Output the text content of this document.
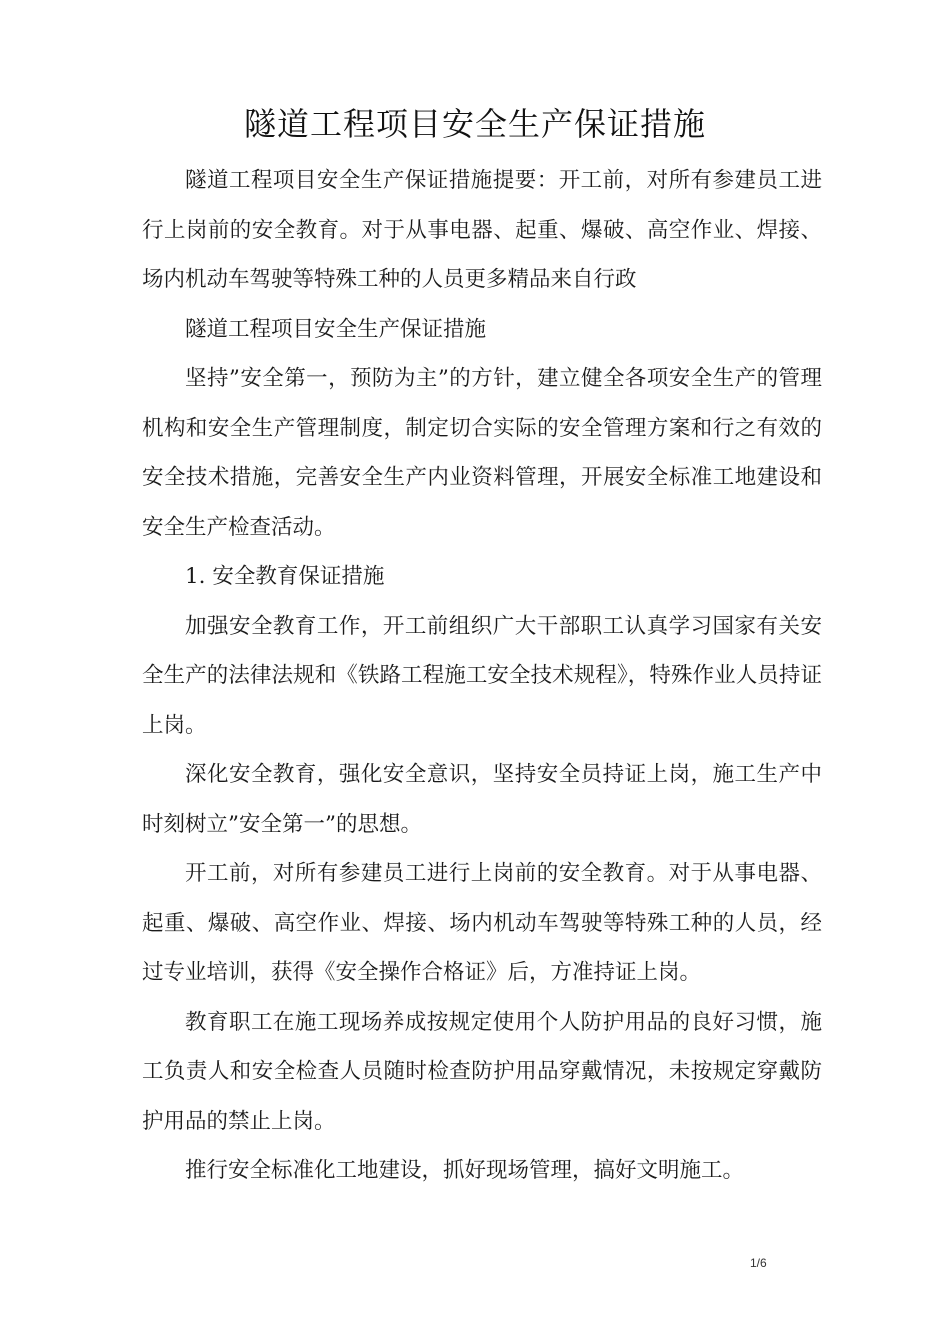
隧道工程项目安全生产保证措施

隧道工程项目安全生产保证措施提要：开工前，对所有参建员工进行上岗前的安全教育。对于从事电器、起重、爆破、高空作业、焊接、场内机动车驾驶等特殊工种的人员更多精品来自行政

隧道工程项目安全生产保证措施

坚持”安全第一，预防为主”的方针，建立健全各项安全生产的管理机构和安全生产管理制度，制定切合实际的安全管理方案和行之有效的安全技术措施，完善安全生产内业资料管理，开展安全标准工地建设和安全生产检查活动。

1. 安全教育保证措施

加强安全教育工作，开工前组织广大干部职工认真学习国家有关安全生产的法律法规和《铁路工程施工安全技术规程》，特殊作业人员持证上岗。

深化安全教育，强化安全意识，坚持安全员持证上岗，施工生产中时刻树立”安全第一”的思想。

开工前，对所有参建员工进行上岗前的安全教育。对于从事电器、起重、爆破、高空作业、焊接、场内机动车驾驶等特殊工种的人员，经过专业培训，获得《安全操作合格证》后，方准持证上岗。

教育职工在施工现场养成按规定使用个人防护用品的良好习惯，施工负责人和安全检查人员随时检查防护用品穿戴情况，未按规定穿戴防护用品的禁止上岗。

推行安全标准化工地建设，抓好现场管理，搞好文明施工。

1/6
